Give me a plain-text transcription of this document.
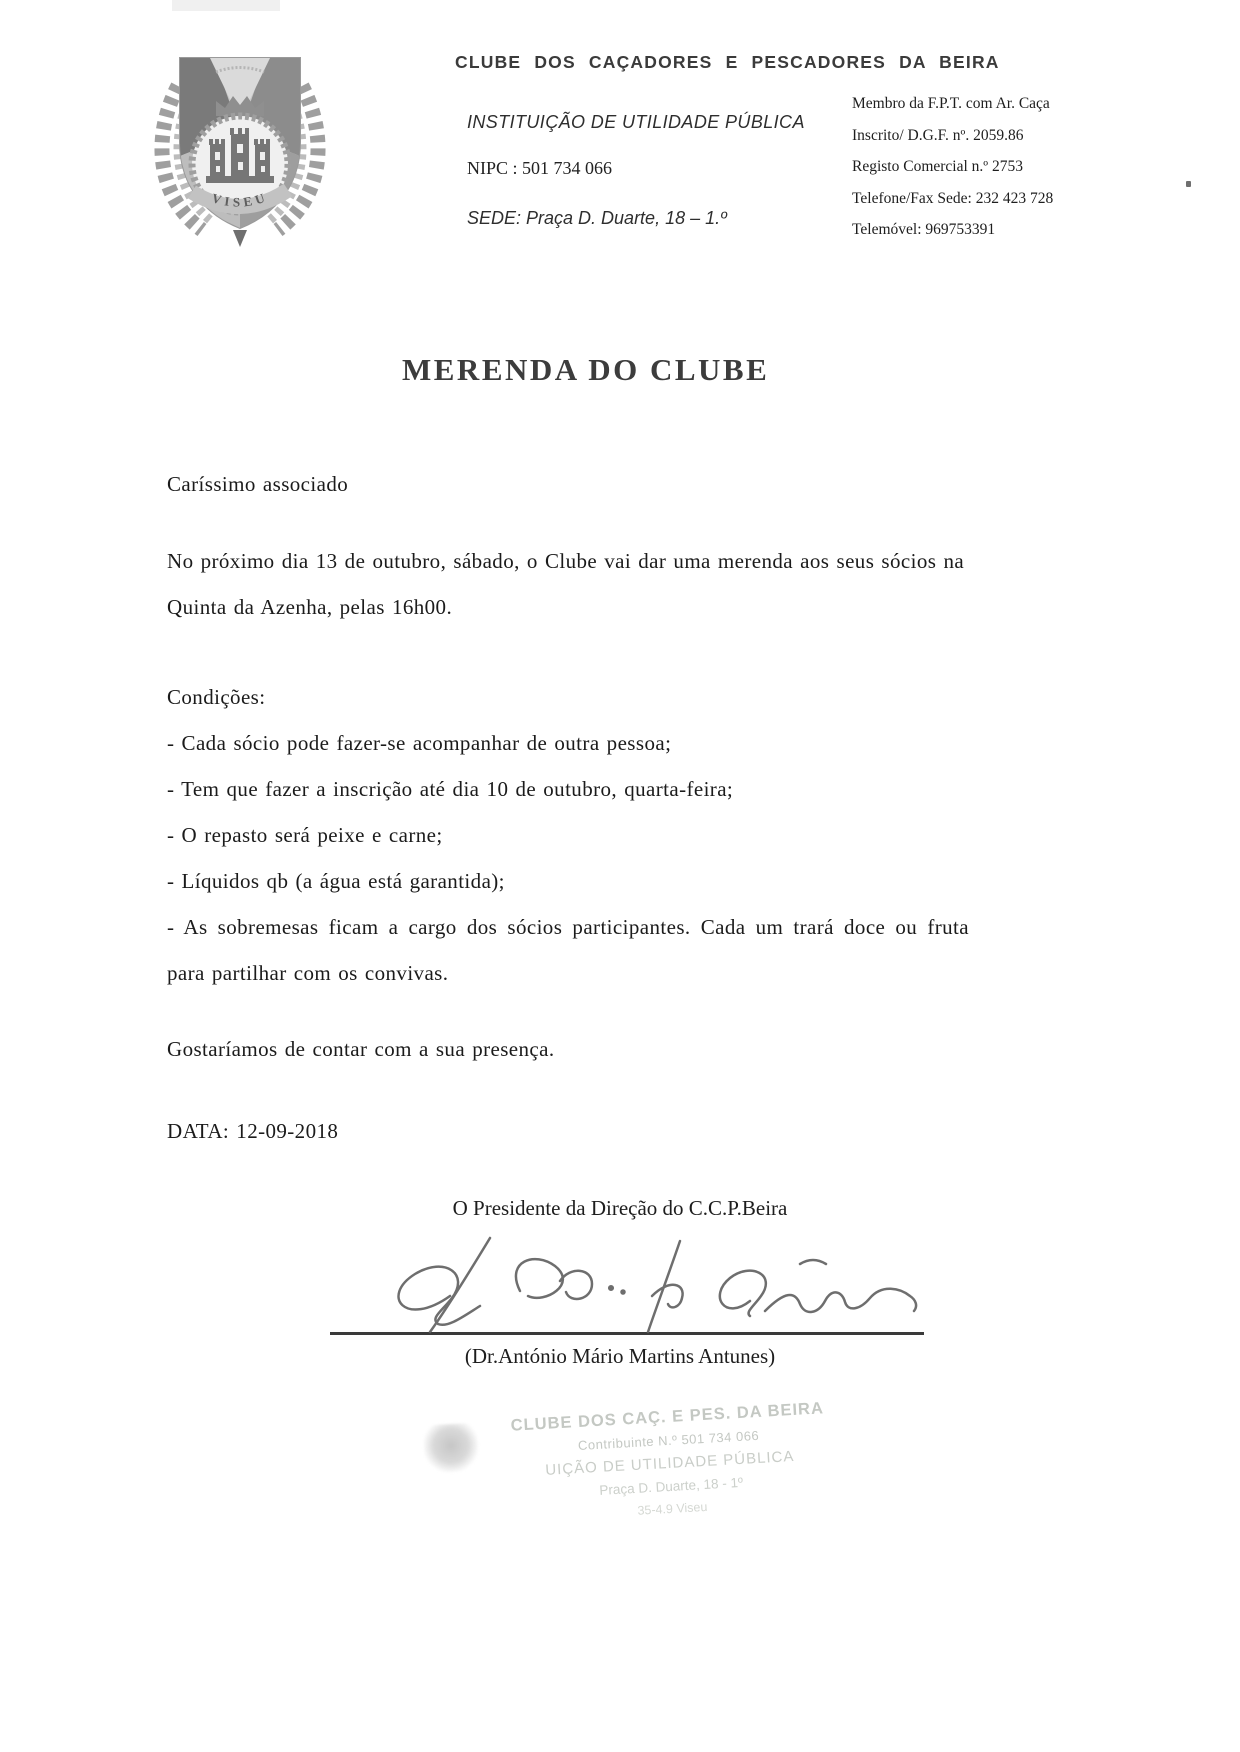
VISEU
CLUBE DOS CAÇADORES E PESCADORES DA BEIRA
INSTITUIÇÃO DE UTILIDADE PÚBLICA
NIPC : 501 734 066
SEDE: Praça D. Duarte, 18 – 1.º
Membro da F.P.T. com Ar. Caça
Inscrito/ D.G.F. nº. 2059.86
Registo Comercial n.º 2753
Telefone/Fax Sede: 232 423 728
Telemóvel: 969753391
MERENDA DO CLUBE
Caríssimo associado
No próximo dia 13 de outubro, sábado, o Clube vai dar uma merenda aos seus sócios na
Quinta da Azenha, pelas 16h00.
Condições:
- Cada sócio pode fazer-se acompanhar de outra pessoa;
- Tem que fazer a inscrição até dia 10 de outubro, quarta-feira;
- O repasto será peixe e carne;
- Líquidos qb (a água está garantida);
- As sobremesas ficam a cargo dos sócios participantes. Cada um trará doce ou fruta
para partilhar com os convivas.
Gostaríamos de contar com a sua presença.
DATA: 12-09-2018
O Presidente da Direção do C.C.P.Beira
(Dr.António Mário Martins Antunes)
CLUBE DOS CAÇ. E PES. DA BEIRA
Contribuinte N.º 501 734 066
UIÇÃO DE UTILIDADE PÚBLICA
Praça D. Duarte, 18 - 1º
35-4.9 Viseu
